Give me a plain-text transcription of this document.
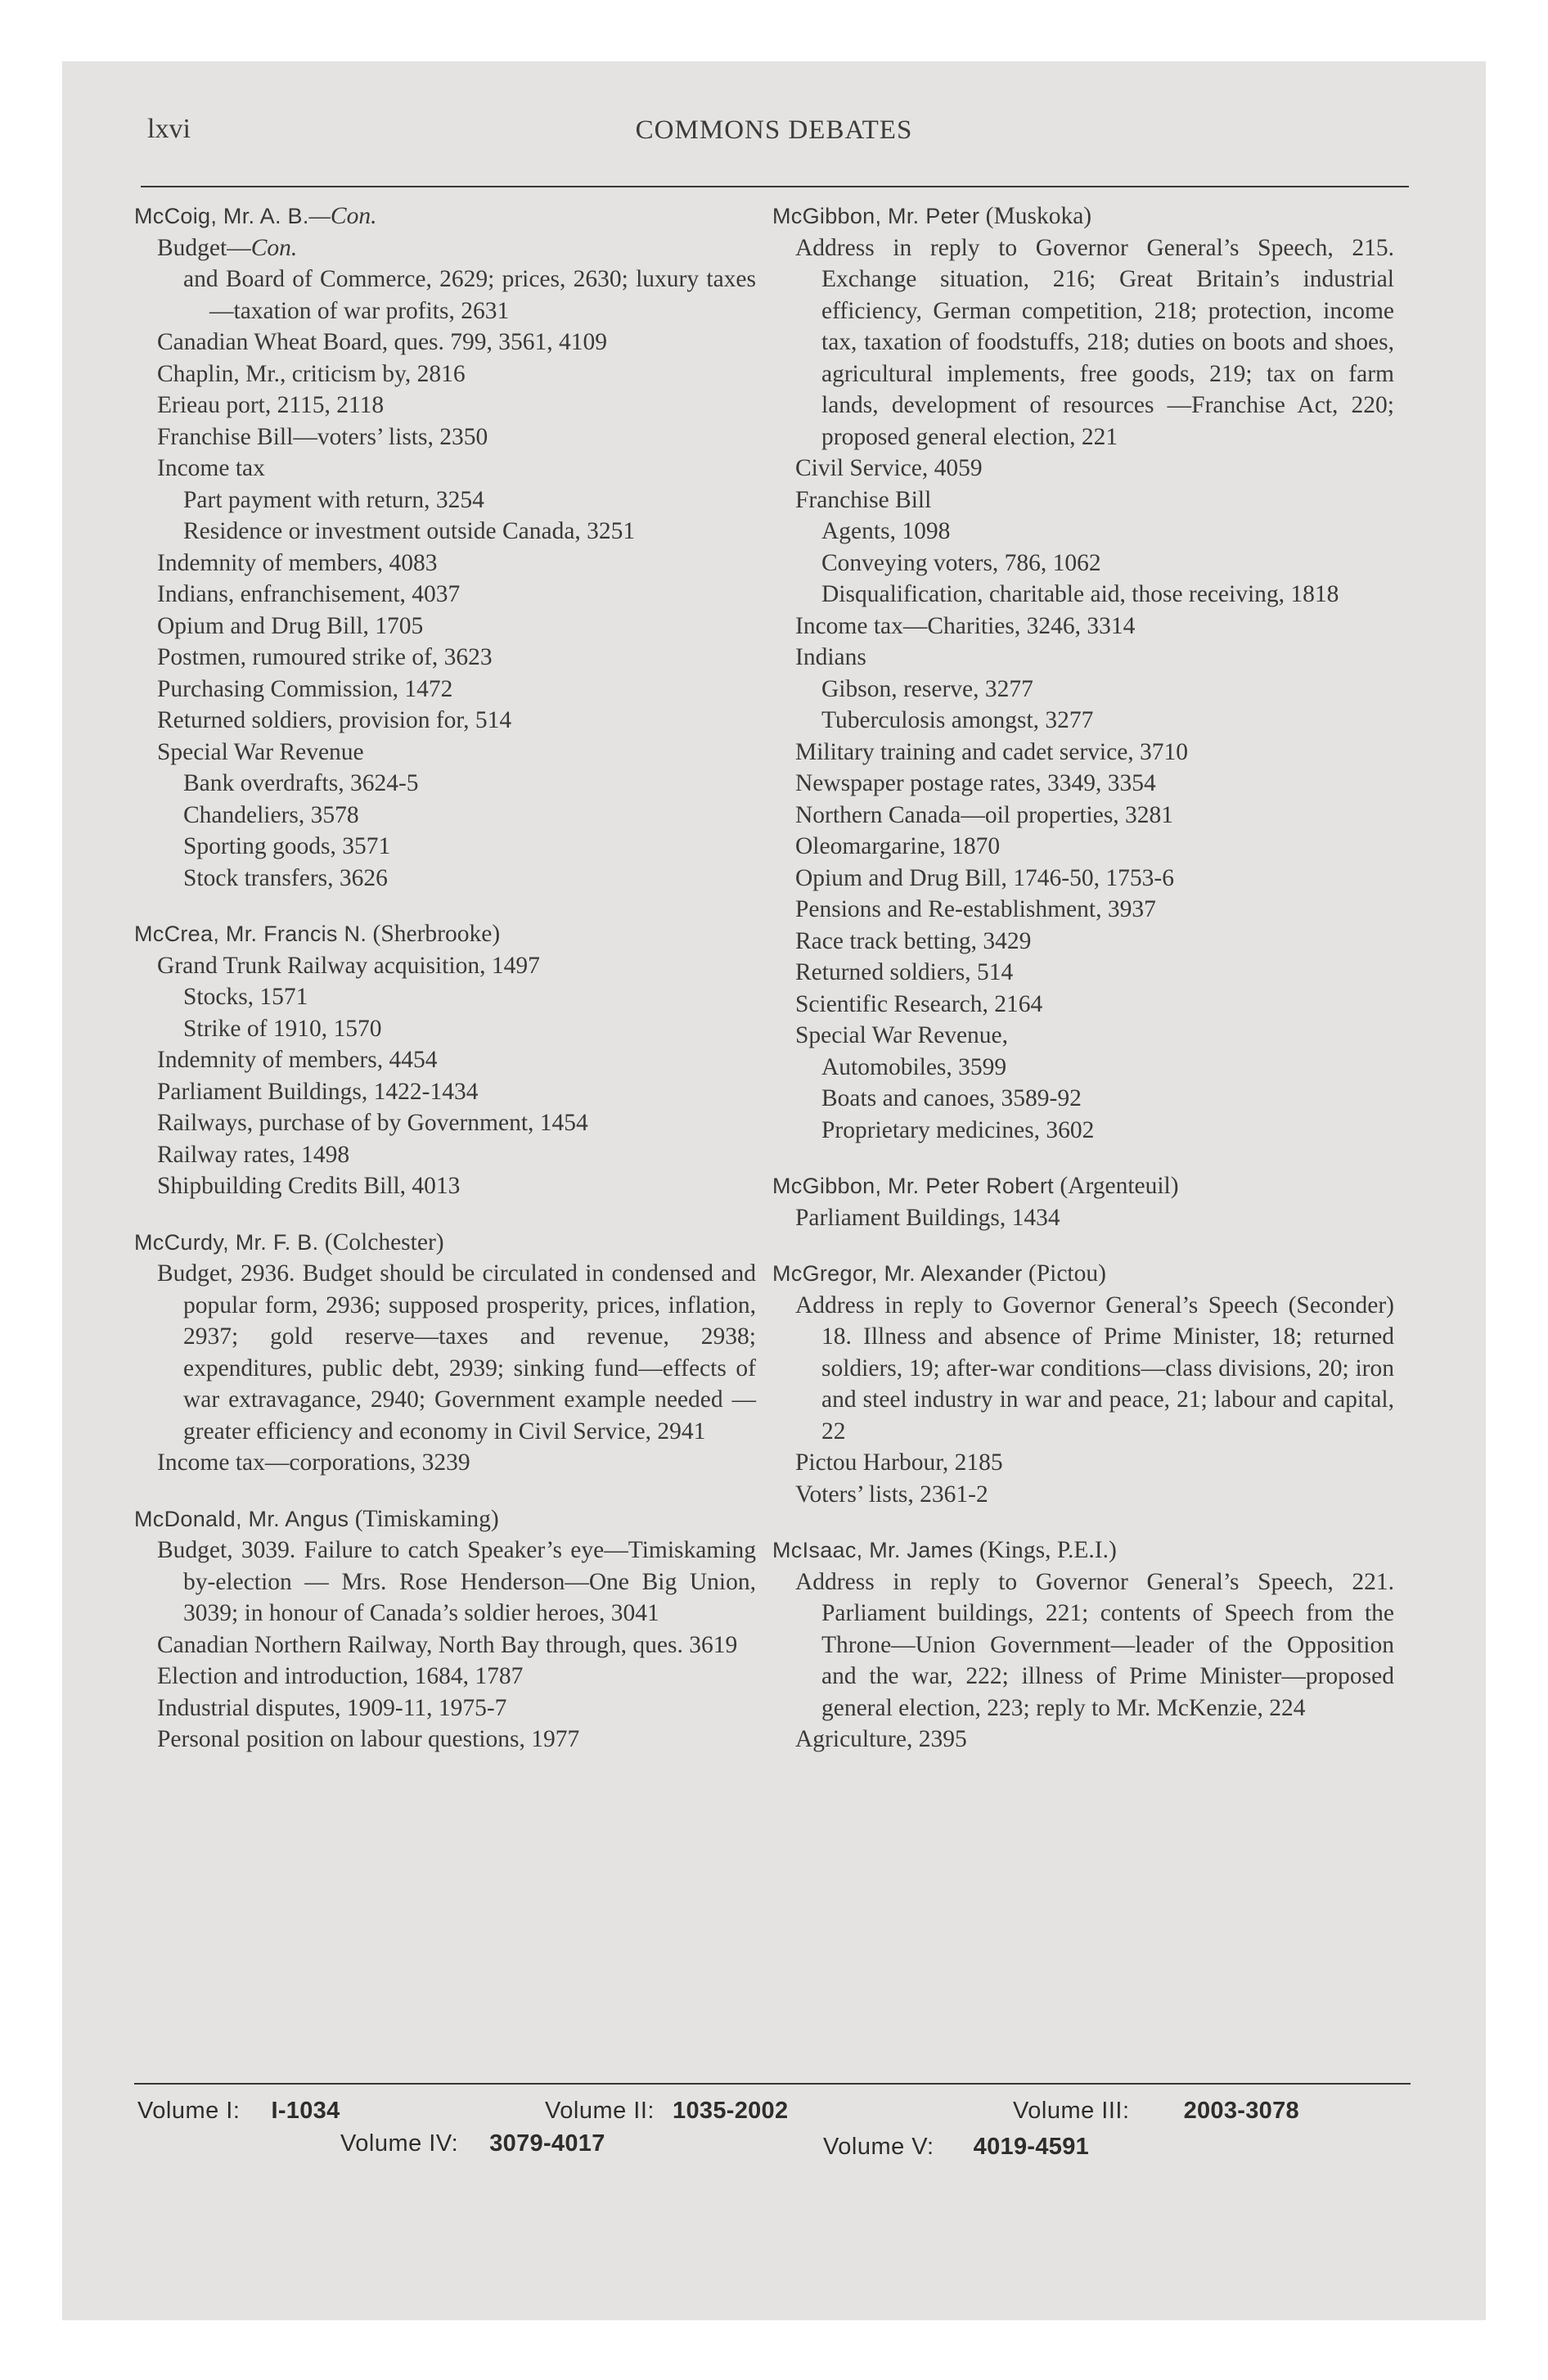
lxvi	COMMONS DEBATES
McCoig, Mr. A. B.—Con.
Budget—Con.
and Board of Commerce, 2629; prices, 2630; luxury taxes—taxation of war profits, 2631
Canadian Wheat Board, ques. 799, 3561, 4109
Chaplin, Mr., criticism by, 2816
Erieau port, 2115, 2118
Franchise Bill—voters’ lists, 2350
Income tax
Part payment with return, 3254
Residence or investment outside Canada, 3251
Indemnity of members, 4083
Indians, enfranchisement, 4037
Opium and Drug Bill, 1705
Postmen, rumoured strike of, 3623
Purchasing Commission, 1472
Returned soldiers, provision for, 514
Special War Revenue
Bank overdrafts, 3624-5
Chandeliers, 3578
Sporting goods, 3571
Stock transfers, 3626
McCrea, Mr. Francis N. (Sherbrooke)
Grand Trunk Railway acquisition, 1497
Stocks, 1571
Strike of 1910, 1570
Indemnity of members, 4454
Parliament Buildings, 1422-1434
Railways, purchase of by Government, 1454
Railway rates, 1498
Shipbuilding Credits Bill, 4013
McCurdy, Mr. F. B. (Colchester)
Budget, 2936. Budget should be circulated in condensed and popular form, 2936; supposed prosperity, prices, inflation, 2937; gold reserve—taxes and revenue, 2938; expenditures, public debt, 2939; sinking fund—effects of war extravagance, 2940; Government example needed — greater efficiency and economy in Civil Service, 2941
Income tax—corporations, 3239
McDonald, Mr. Angus (Timiskaming)
Budget, 3039. Failure to catch Speaker’s eye—Timiskaming by-election — Mrs. Rose Henderson—One Big Union, 3039; in honour of Canada’s soldier heroes, 3041
Canadian Northern Railway, North Bay through, ques. 3619
Election and introduction, 1684, 1787
Industrial disputes, 1909-11, 1975-7
Personal position on labour questions, 1977
McGibbon, Mr. Peter (Muskoka)
Address in reply to Governor General’s Speech, 215. Exchange situation, 216; Great Britain’s industrial efficiency, German competition, 218; protection, income tax, taxation of foodstuffs, 218; duties on boots and shoes, agricultural implements, free goods, 219; tax on farm lands, development of resources —Franchise Act, 220; proposed general election, 221
Civil Service, 4059
Franchise Bill
Agents, 1098
Conveying voters, 786, 1062
Disqualification, charitable aid, those receiving, 1818
Income tax—Charities, 3246, 3314
Indians
Gibson, reserve, 3277
Tuberculosis amongst, 3277
Military training and cadet service, 3710
Newspaper postage rates, 3349, 3354
Northern Canada—oil properties, 3281
Oleomargarine, 1870
Opium and Drug Bill, 1746-50, 1753-6
Pensions and Re-establishment, 3937
Race track betting, 3429
Returned soldiers, 514
Scientific Research, 2164
Special War Revenue,
Automobiles, 3599
Boats and canoes, 3589-92
Proprietary medicines, 3602
McGibbon, Mr. Peter Robert (Argenteuil)
Parliament Buildings, 1434
McGregor, Mr. Alexander (Pictou)
Address in reply to Governor General’s Speech (Seconder) 18. Illness and absence of Prime Minister, 18; returned soldiers, 19; after-war conditions—class divisions, 20; iron and steel industry in war and peace, 21; labour and capital, 22
Pictou Harbour, 2185
Voters’ lists, 2361-2
McIsaac, Mr. James (Kings, P.E.I.)
Address in reply to Governor General’s Speech, 221. Parliament buildings, 221; contents of Speech from the Throne—Union Government—leader of the Opposition and the war, 222; illness of Prime Minister—proposed general election, 223; reply to Mr. McKenzie, 224
Agriculture, 2395
Volume I: I-1034	Volume II: 1035-2002	Volume III: 2003-3078
Volume IV: 3079-4017	Volume V: 4019-4591
